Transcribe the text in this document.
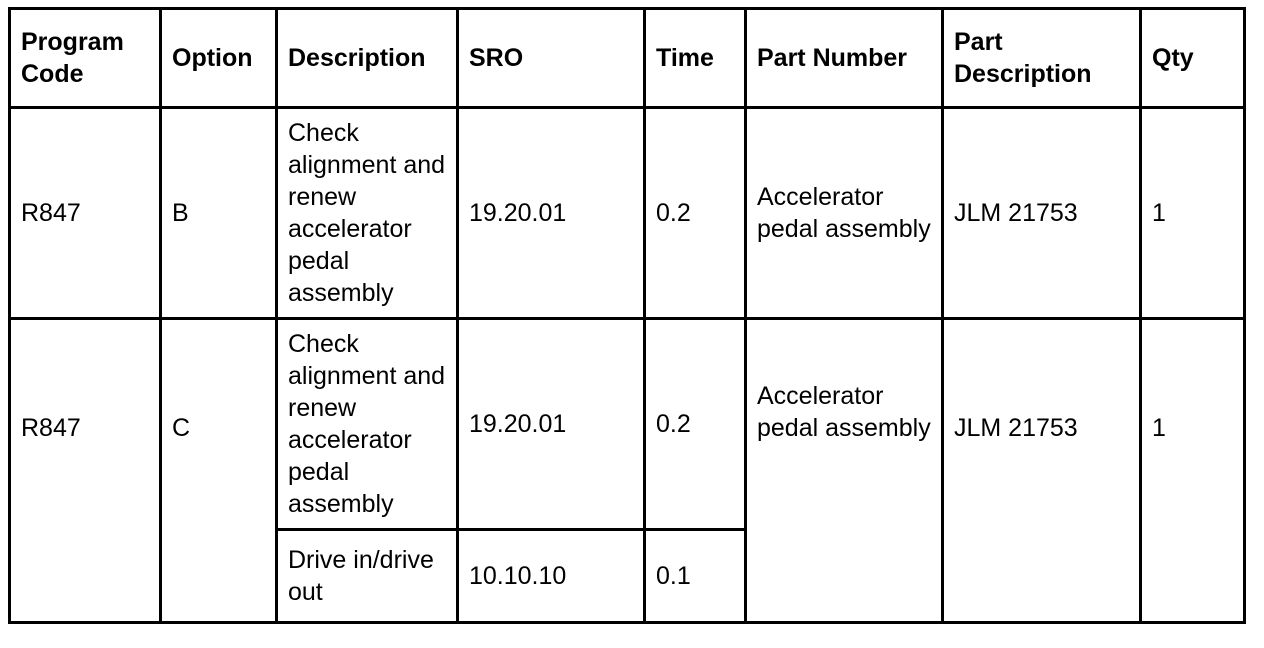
Program Code	Option	Description	SRO	Time	Part Number	Part Description	Qty
R847	B	Check alignment and renew accelerator pedal assembly	19.20.01	0.2	Accelerator pedal assembly	JLM 21753	1
R847	C	Check alignment and renew accelerator pedal assembly	19.20.01	0.2	Accelerator pedal assembly	JLM 21753	1
		Drive in/drive out	10.10.10	0.1			
